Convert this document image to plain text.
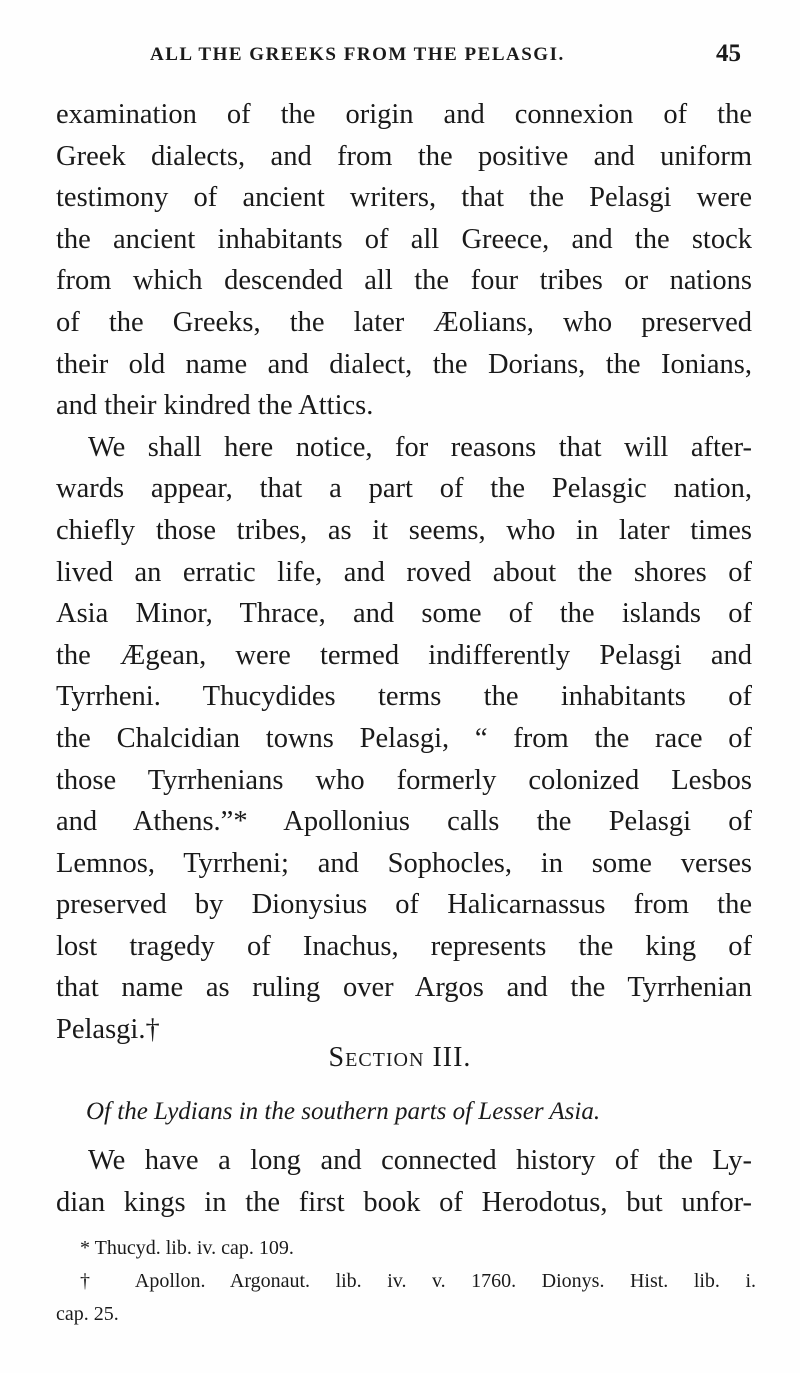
ALL THE GREEKS FROM THE PELASGI.	45
examination of the origin and connexion of the
Greek dialects, and from the positive and uniform
testimony of ancient writers, that the Pelasgi were
the ancient inhabitants of all Greece, and the stock
from which descended all the four tribes or nations
of the Greeks, the later Æolians, who preserved
their old name and dialect, the Dorians, the Ionians,
and their kindred the Attics.
We shall here notice, for reasons that will after-
wards appear, that a part of the Pelasgic nation,
chiefly those tribes, as it seems, who in later times
lived an erratic life, and roved about the shores of
Asia Minor, Thrace, and some of the islands of
the Ægean, were termed indifferently Pelasgi and
Tyrrheni. Thucydides terms the inhabitants of
the Chalcidian towns Pelasgi, “ from the race of
those Tyrrhenians who formerly colonized Lesbos
and Athens.”* Apollonius calls the Pelasgi of
Lemnos, Tyrrheni; and Sophocles, in some verses
preserved by Dionysius of Halicarnassus from the
lost tragedy of Inachus, represents the king of
that name as ruling over Argos and the Tyrrhenian
Pelasgi.†
Section III.
Of the Lydians in the southern parts of Lesser Asia.
We have a long and connected history of the Ly-
dian kings in the first book of Herodotus, but unfor-
* Thucyd. lib. iv. cap. 109.
† Apollon. Argonaut. lib. iv. v. 1760. Dionys. Hist. lib. i.
cap. 25.
